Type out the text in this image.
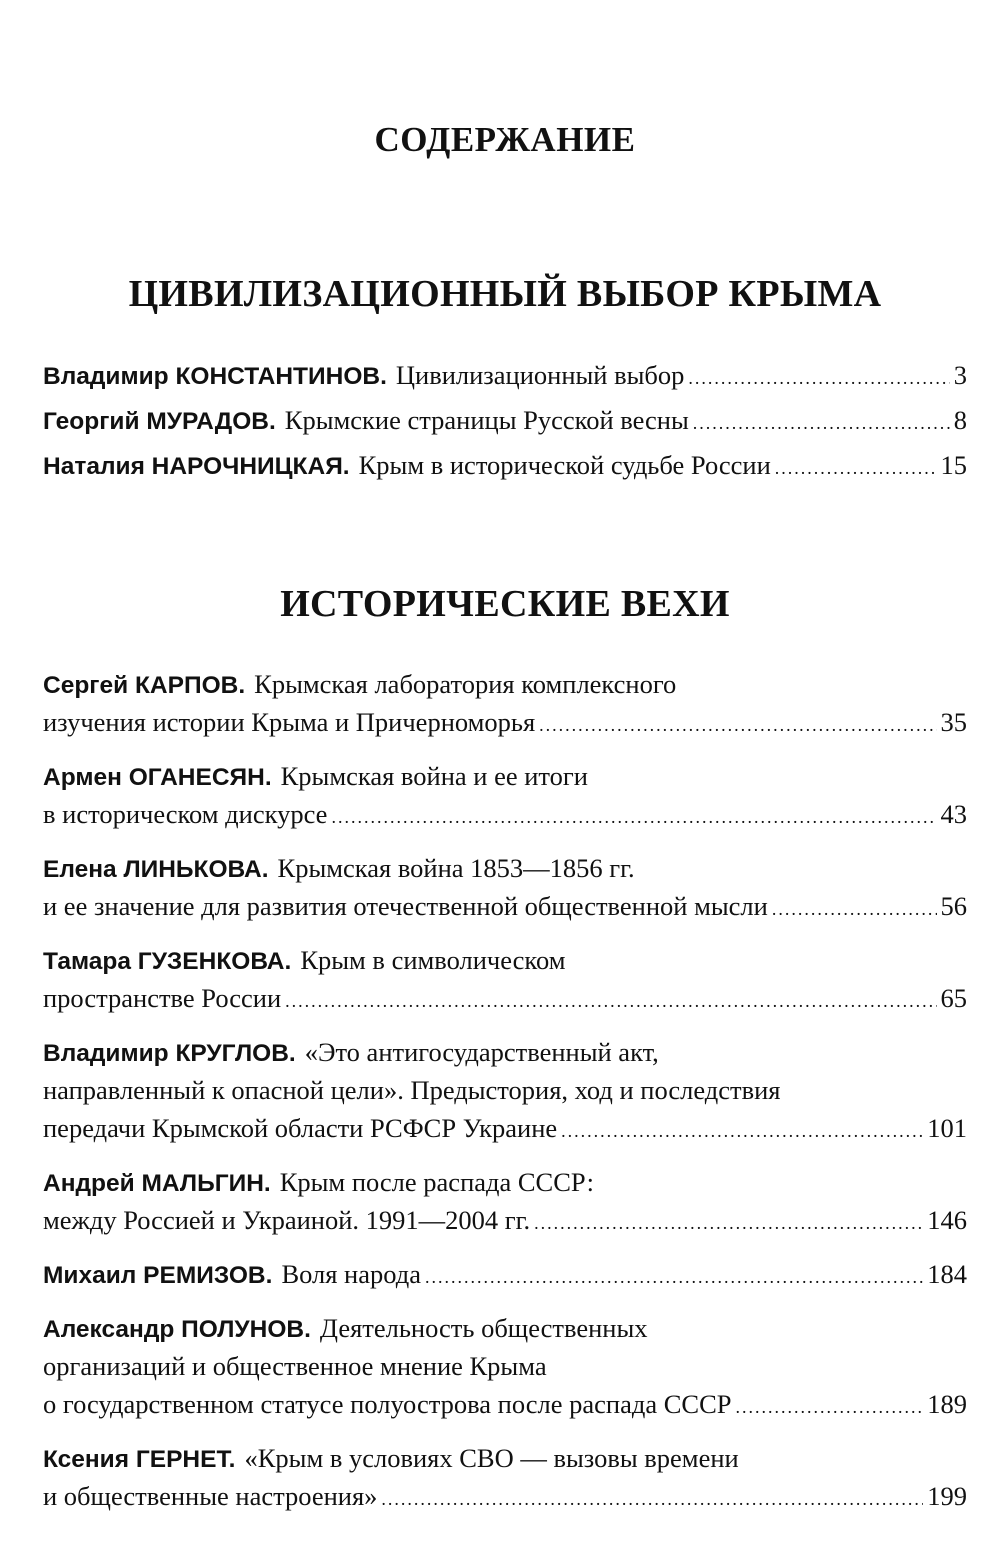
СОДЕРЖАНИЕ
ЦИВИЛИЗАЦИОННЫЙ ВЫБОР КРЫМА
Владимир КОНСТАНТИНОВ. Цивилизационный выбор .....	3
Георгий МУРАДОВ. Крымские страницы Русской весны .....	8
Наталия НАРОЧНИЦКАЯ. Крым в исторической судьбе России .....	15
ИСТОРИЧЕСКИЕ ВЕХИ
Сергей КАРПОВ. Крымская лаборатория комплексного
изучения истории Крыма и Причерноморья .....	35
Армен ОГАНЕСЯН. Крымская война и ее итоги
в историческом дискурсе .....	43
Елена ЛИНЬКОВА. Крымская война 1853—1856 гг.
и ее значение для развития отечественной общественной мысли .....	56
Тамара ГУЗЕНКОВА. Крым в символическом
пространстве России .....	65
Владимир КРУГЛОВ. «Это антигосударственный акт,
направленный к опасной цели». Предыстория, ход и последствия
передачи Крымской области РСФСР Украине .....	101
Андрей МАЛЬГИН. Крым после распада СССР:
между Россией и Украиной. 1991—2004 гг. .....	146
Михаил РЕМИЗОВ. Воля народа .....	184
Александр ПОЛУНОВ. Деятельность общественных
организаций и общественное мнение Крыма
о государственном статусе полуострова после распада СССР .....	189
Ксения ГЕРНЕТ. «Крым в условиях СВО — вызовы времени
и общественные настроения» .....	199
